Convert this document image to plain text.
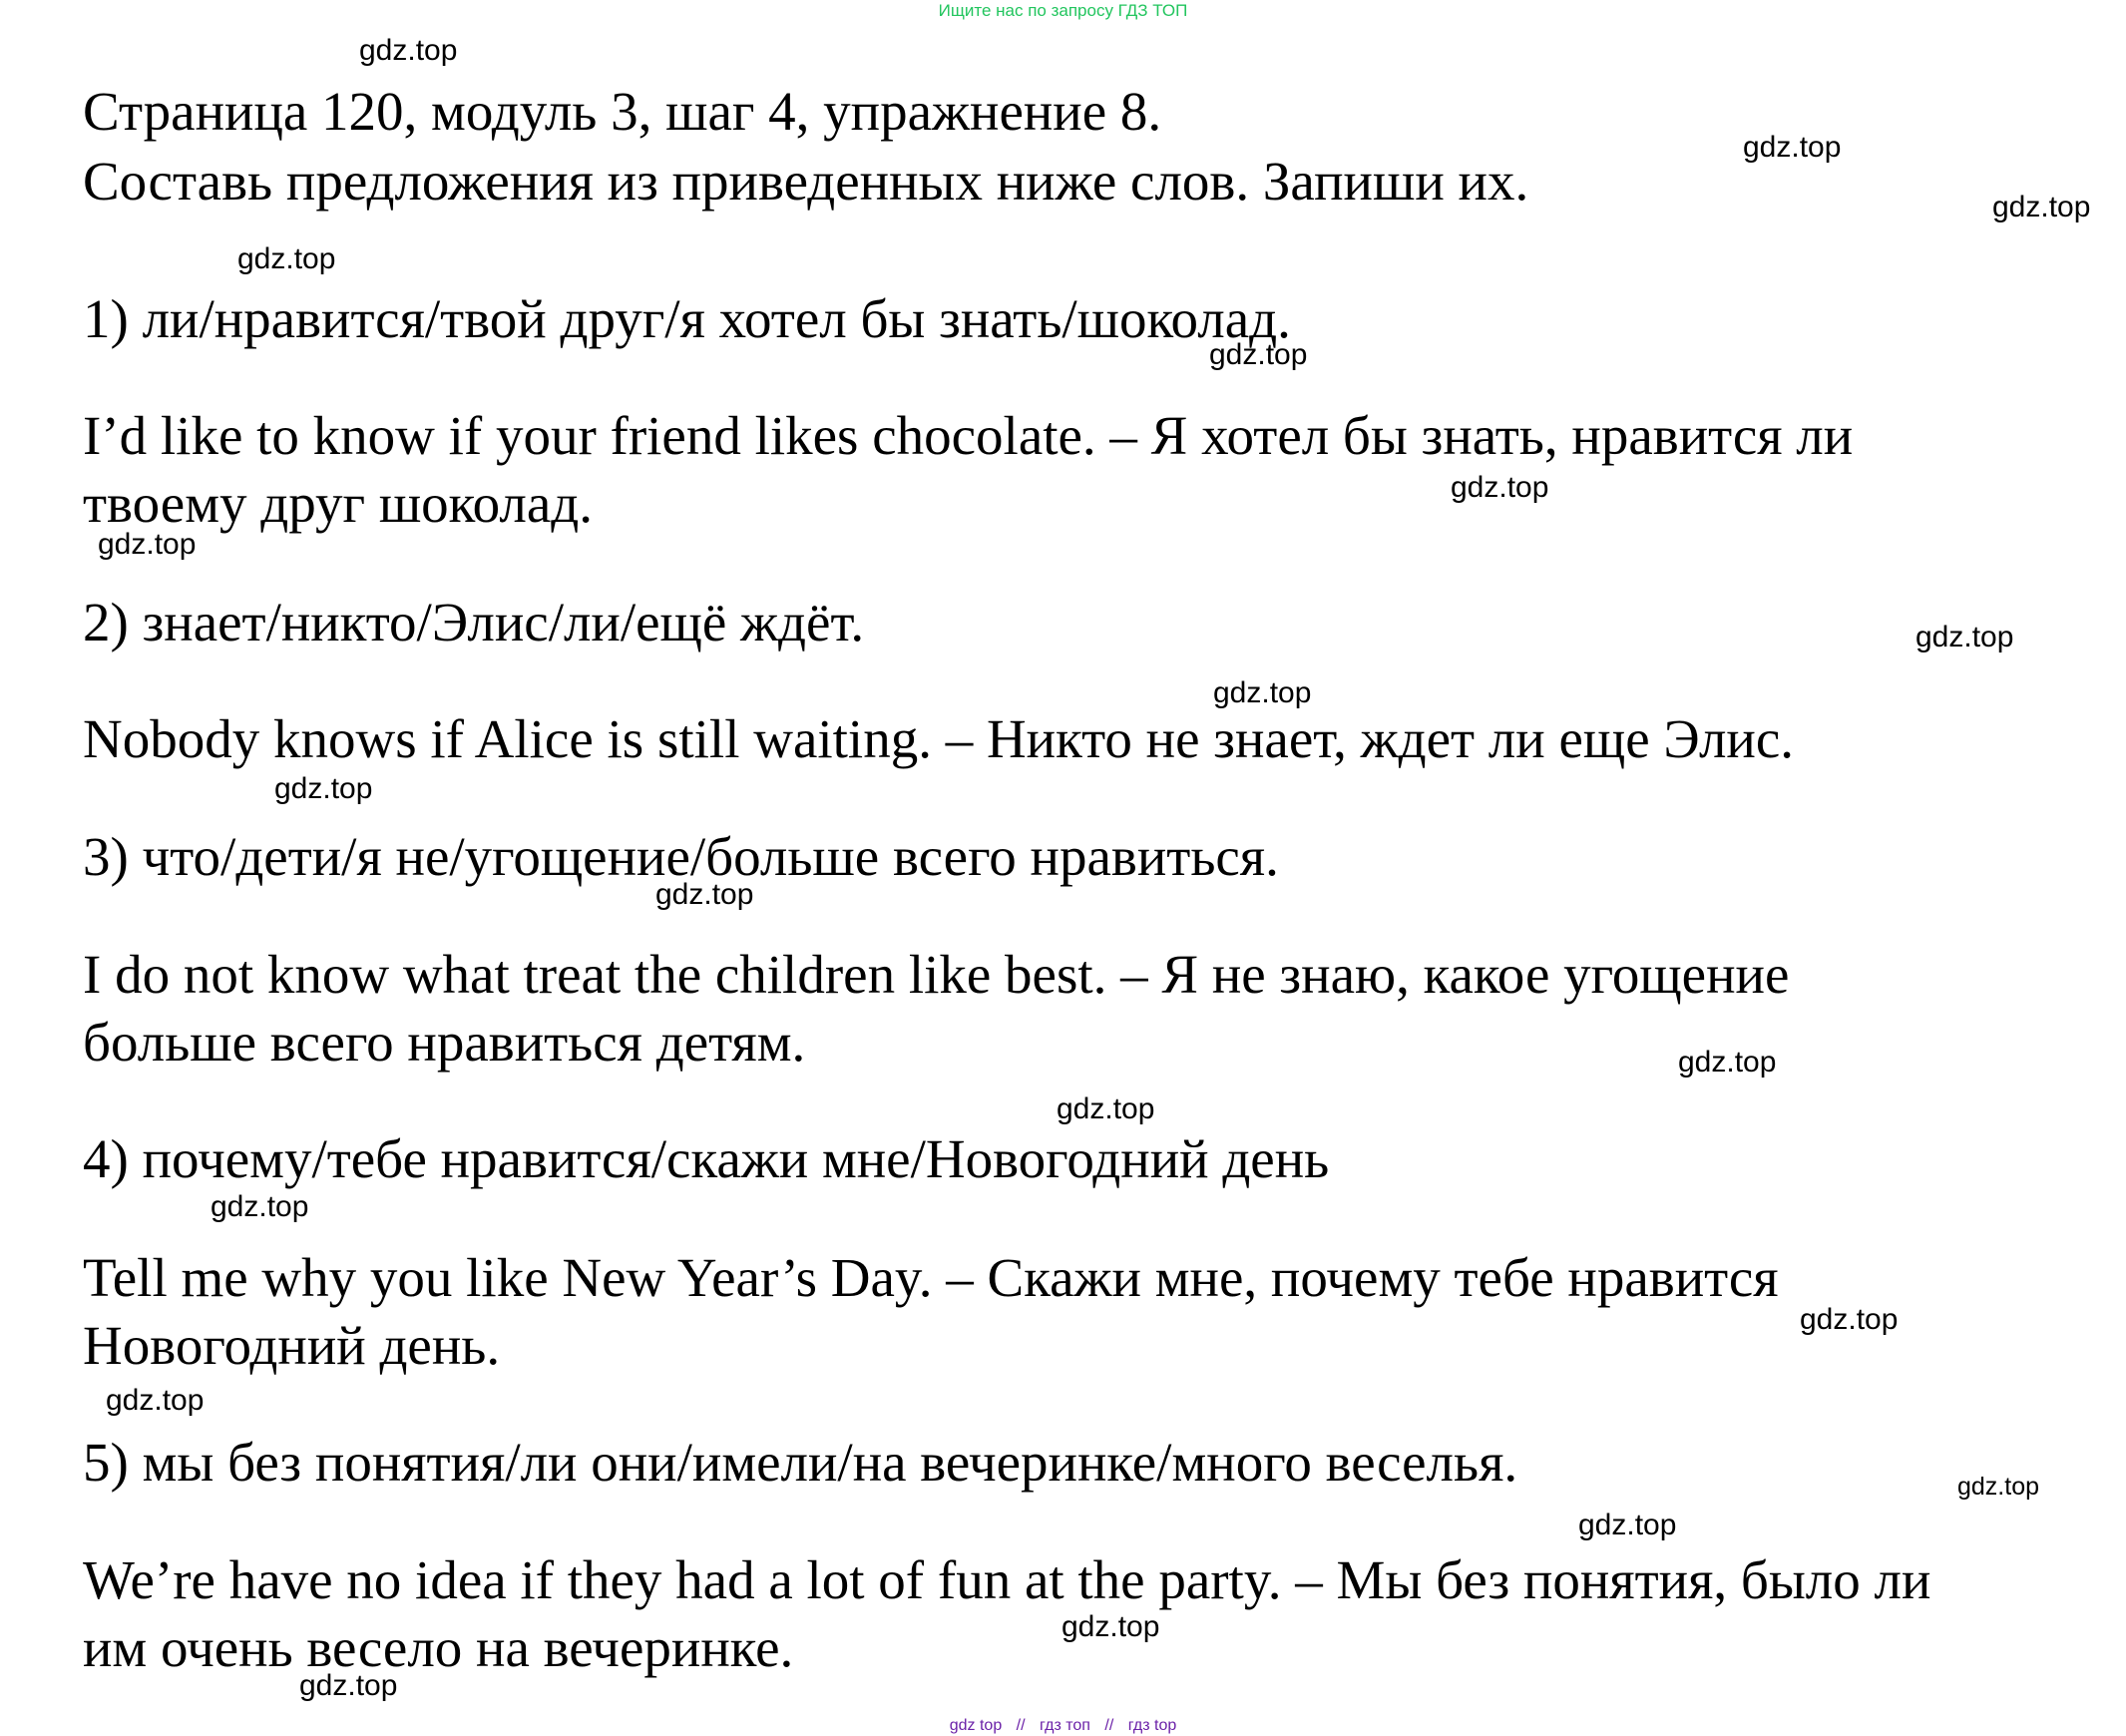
Ищите нас по запросу ГДЗ ТОП
Страница 120, модуль 3, шаг 4, упражнение 8.
Составь предложения из приведенных ниже слов. Запиши их.
1) ли/нравится/твой друг/я хотел бы знать/шоколад.
I’d like to know if your friend likes chocolate. – Я хотел бы знать, нравится ли
твоему друг шоколад.
2) знает/никто/Элис/ли/ещё ждёт.
Nobody knows if Alice is still waiting. – Никто не знает, ждет ли еще Элис.
3) что/дети/я не/угощение/больше всего нравиться.
I do not know what treat the children like best. – Я не знаю, какое угощение
больше всего нравиться детям.
4) почему/тебе нравится/скажи мне/Новогодний день
Tell me why you like New Year’s Day. – Скажи мне, почему тебе нравится
Новогодний день.
5) мы без понятия/ли они/имели/на вечеринке/много веселья.
We’re have no idea if they had a lot of fun at the party. – Мы без понятия, было ли
им очень весело на вечеринке.
gdz.top
gdz.top
gdz.top
gdz.top
gdz.top
gdz.top
gdz.top
gdz.top
gdz.top
gdz.top
gdz.top
gdz.top
gdz.top
gdz.top
gdz.top
gdz.top
gdz.top
gdz.top
gdz.top
gdz.top
gdz top // гдз топ // гдз top
